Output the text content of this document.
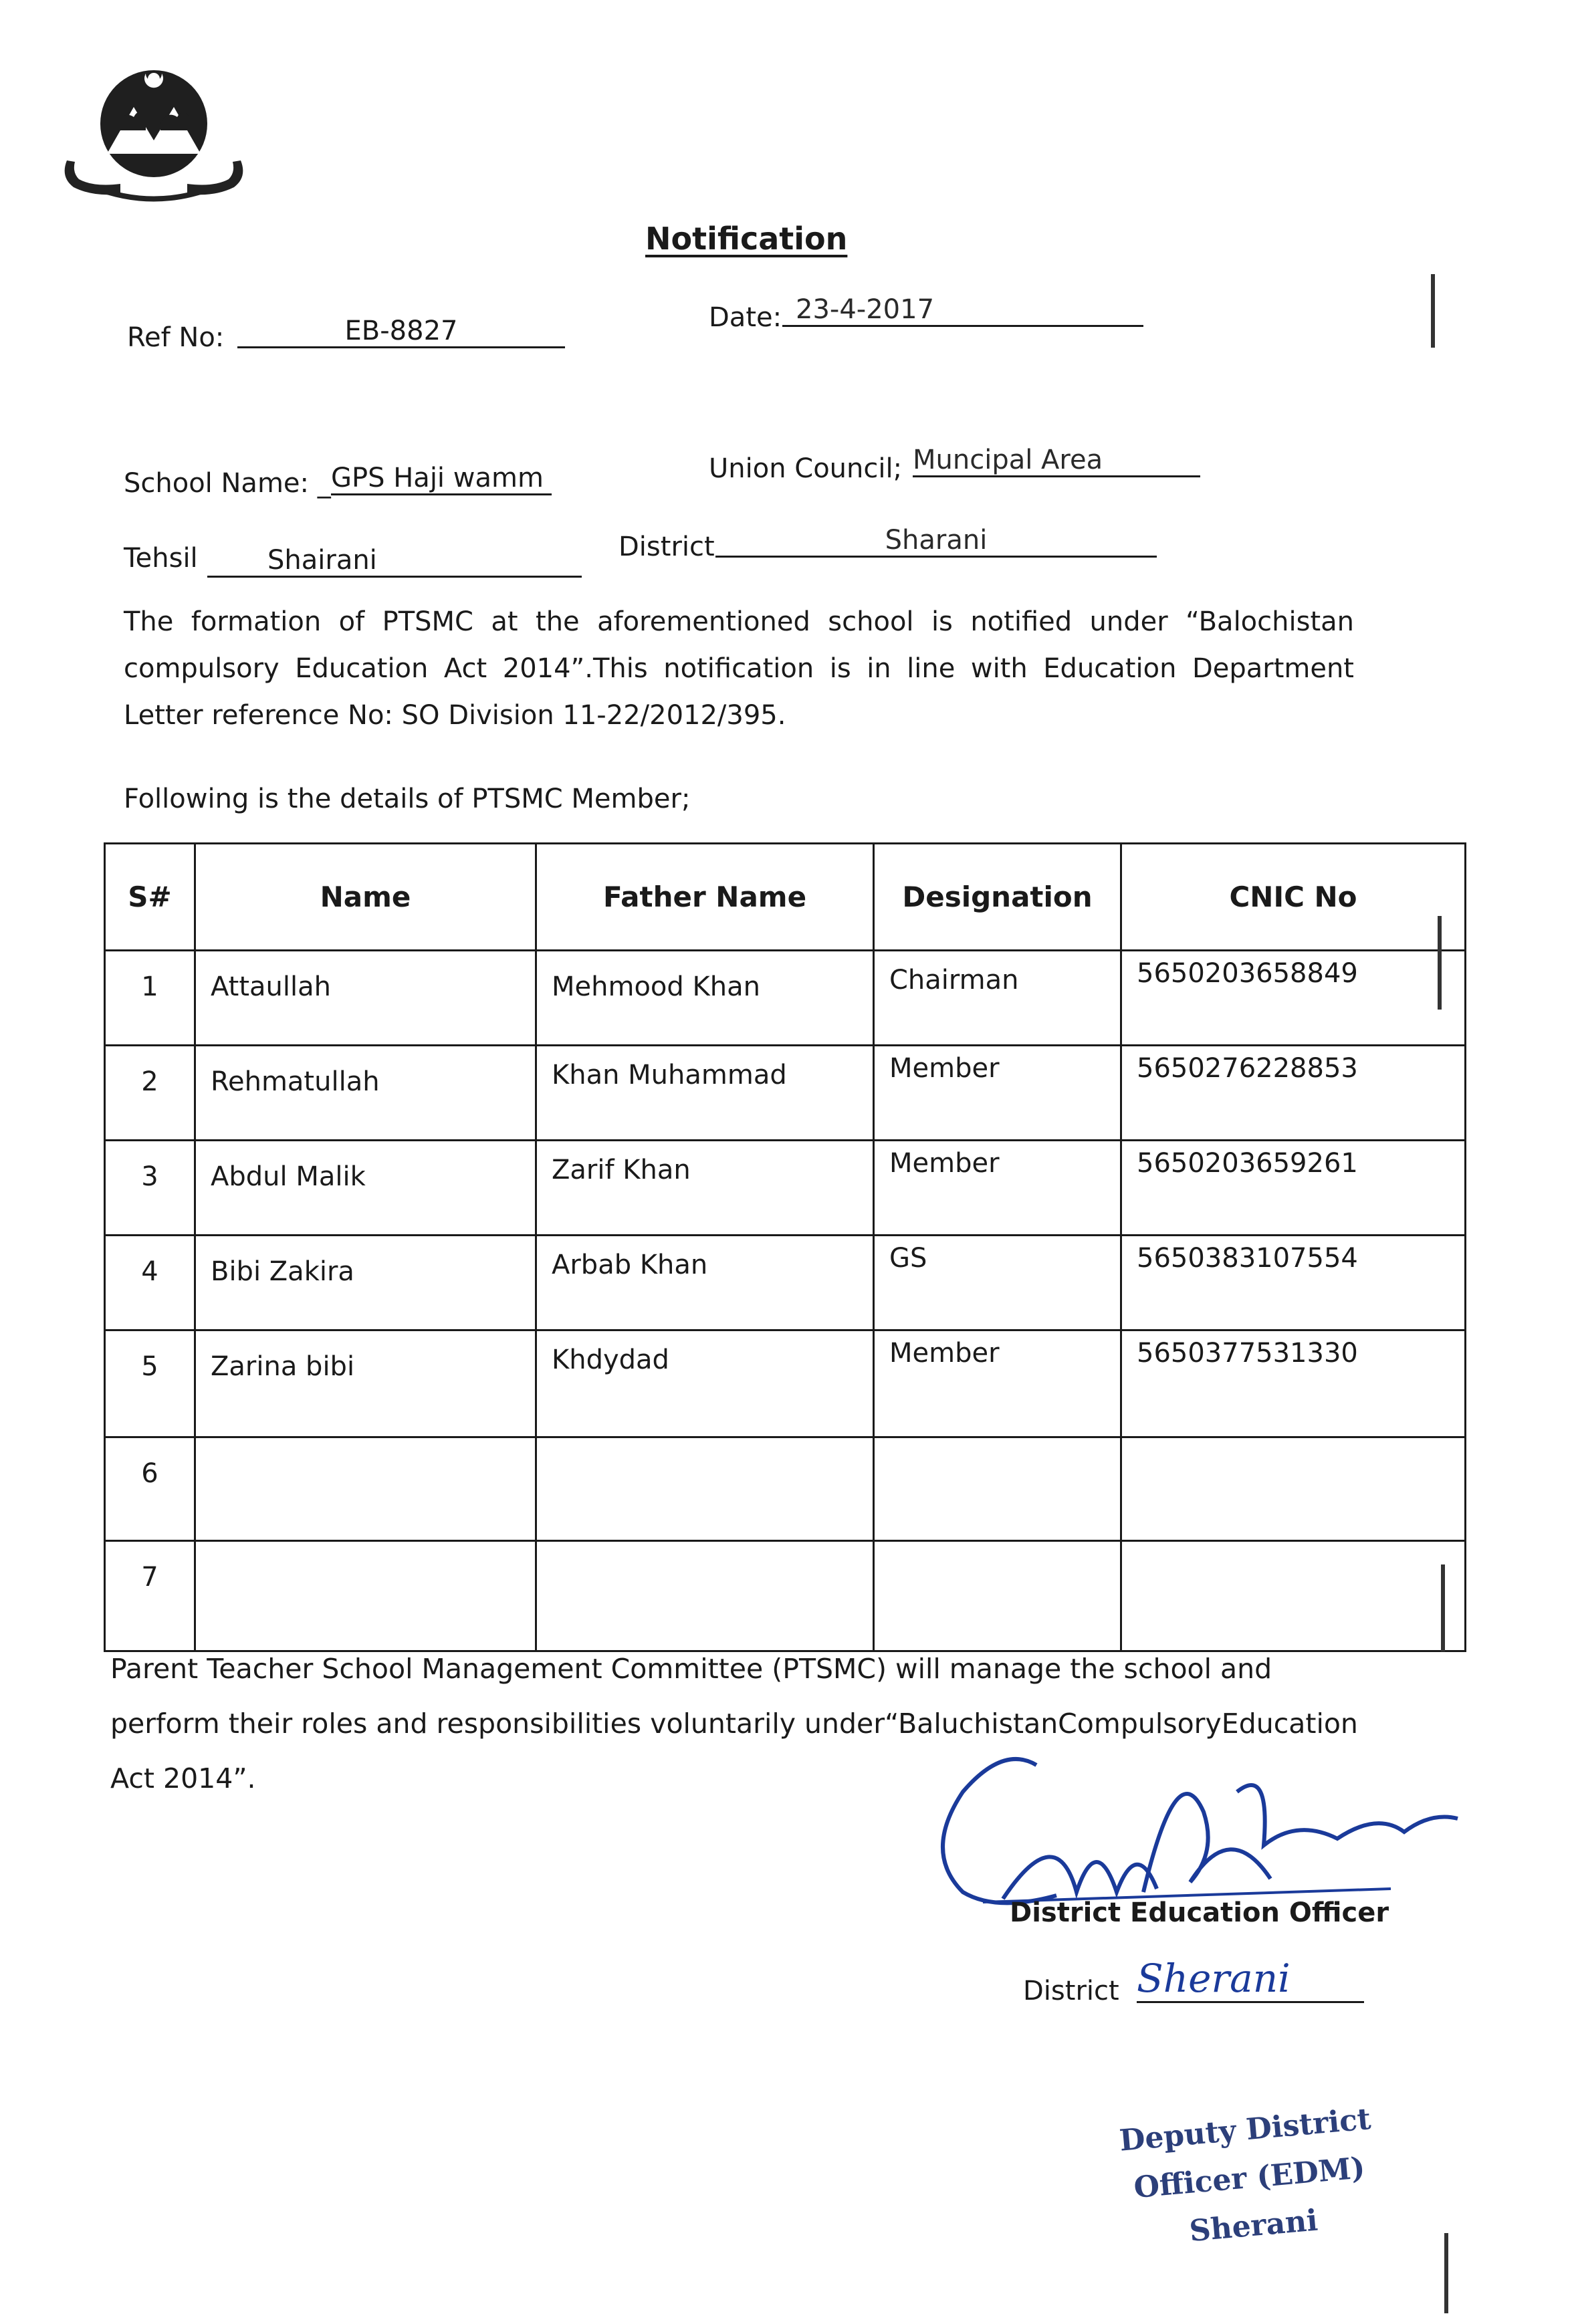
Notification
Ref No:	EB-8827	Date: 23-4-2017
School Name: _ GPS Haji wamm	Union Council; Muncipal Area
Tehsil	Shairani	District	Sharani
The formation of PTSMC at the aforementioned school is notified under “Balochistan compulsory Education Act 2014”.This notification is in line with Education Department Letter reference No: SO Division 11-22/2012/395.
Following is the details of PTSMC Member;
S#	Name	Father Name	Designation	CNIC No
1	Attaullah	Mehmood Khan	Chairman	5650203658849
2	Rehmatullah	Khan Muhammad	Member	5650276228853
3	Abdul Malik	Zarif Khan	Member	5650203659261
4	Bibi Zakira	Arbab Khan	GS	5650383107554
5	Zarina bibi	Khdydad	Member	5650377531330
6				
7				
Parent Teacher School Management Committee (PTSMC) will manage the school and perform their roles and responsibilities voluntarily under“BaluchistanCompulsoryEducation Act 2014”.
District Education Officer
District Sherani
Deputy District
Officer (EDM)
Sherani
